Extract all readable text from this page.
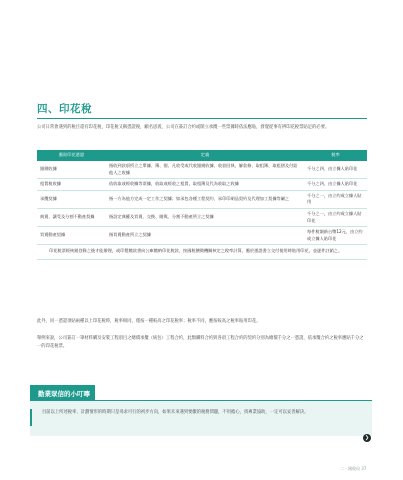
四、印花稅
公司日常會遇到的稅目還有印花稅，印花稅又稱憑證稅，顧名思義，公司在簽訂合約或開立承攬一些票據時依法應貼，發覺從事有辨印花稅票貼足的必要。
應貼印花憑證	定義	稅率
銀錢收據	指收到款項所立之單據、簿、摺。凡收受或代收銀錢收據、收款回執、解款條、取租簿、取租摺及付給他人之收據	千分之四，由立據人貼印花
租賃稅收據	依收取或經收據等票據，收取或經收之租賃，取租簿及代為收取之收據	千分之四，由立據人貼印花
承攬契據	指一方為他方完成一定工作之契據；如承包各種工程契約、承印印刷品契約及代理加工契據等屬之	千分之一，由立約或立據人貼用
典賣、讓受及分割不動產契據	指設定典權及買賣、交換、贈與、分割不動產所立之契據	千分之一，由立約或立據人貼印花
買賣動產契據	指買賣動產所立之契據	每件稅額新台幣12元，由立約或立據人貼印花
印花稅票經核銷登錄之後才能辦理，或印製繳款書向公庫繳納印花稅款，按國稅稽徵機關核定之稅率計算，應於憑證書立交付使用時貼用印花，並逐件註銷之。		
此外，同一憑證須貼兩種以上印花稅時，稅率相同，僅按一種較高之印花稅率；稅率不同，應按較高之稅率貼用印花。
舉例來說，公司簽訂一筆材料購及安裝工程項目之總價承攬（統包）工程合約，此類購料合約與各項工程合約的契約分別為總價千分之一憑證，依承攬合約之稅率應貼千分之一的印花稅票。
勤業眾信的小叮嚀
目前以上所述稅率、計劃情形的時期只是尋求可行的初步方向，如果未來遇到要繳的稅務問題，不用擔心，找專業協助，一定可以妥善解決。
❯
二・國稅局 37
